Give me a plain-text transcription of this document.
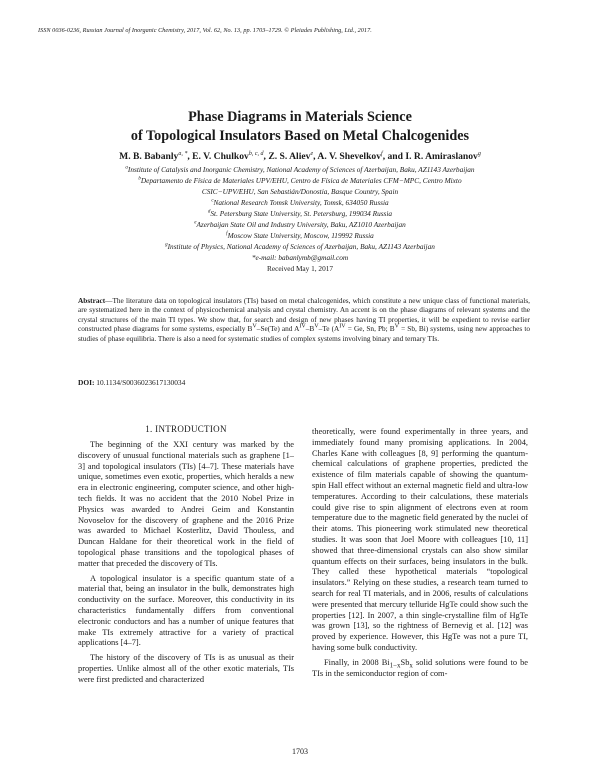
ISSN 0036-0236, Russian Journal of Inorganic Chemistry, 2017, Vol. 62, No. 13, pp. 1703–1729. © Pleiades Publishing, Ltd., 2017.
Phase Diagrams in Materials Science
of Topological Insulators Based on Metal Chalcogenides
M. B. Babanly$^{a, *}$, E. V. Chulkov$^{b, c, d}$, Z. S. Aliev$^e$, A. V. Shevelkov$^f$, and I. R. Amiraslanov$^g$
$^a$Institute of Catalysis and Inorganic Chemistry, National Academy of Sciences of Azerbaijan, Baku, AZ1143 Azerbaijan
$^b$Departamento de Física de Materiales UPV/EHU, Centro de Física de Materiales CFM−MPC, Centro Mixto
CSIC−UPV/EHU, San Sebastián/Donostia, Basque Country, Spain
$^c$National Research Tomsk University, Tomsk, 634050 Russia
$^d$St. Petersburg State University, St. Petersburg, 199034 Russia
$^e$Azerbaijan State Oil and Industry University, Baku, AZ1010 Azerbaijan
$^f$Moscow State University, Moscow, 119992 Russia
$^g$Institute of Physics, National Academy of Sciences of Azerbaijan, Baku, AZ1143 Azerbaijan
*e-mail: babanlymb@gmail.com
Received May 1, 2017
Abstract—The literature data on topological insulators (TIs) based on metal chalcogenides, which constitute a new unique class of functional materials, are systematized here in the context of physicochemical analysis and crystal chemistry. An accent is on the phase diagrams of relevant systems and the crystal structures of the main TI types. We show that, for search and design of new phases having TI properties, it will be expedient to revise earlier constructed phase diagrams for some systems, especially $B^V-Se(Te)$ and $A^{IV}-B^V-Te$ ($A^{IV} = Ge$, Sn, Pb; $B^V = Sb$, Bi) systems, using new approaches to studies of phase equilibria. There is also a need for systematic studies of complex systems involving binary and ternary TIs.
DOI: 10.1134/S0036023617130034
1. INTRODUCTION

The beginning of the XXI century was marked by the discovery of unusual functional materials such as graphene [1–3] and topological insulators (TIs) [4–7]. These materials have unique, sometimes even exotic, properties, which heralds a new era in electronic engineering, computer science, and other high-tech fields. It was no accident that the 2010 Nobel Prize in Physics was awarded to Andrei Geim and Konstantin Novoselov for the discovery of graphene and the 2016 Prize was awarded to Michael Kosterlitz, David Thouless, and Duncan Haldane for their theoretical work in the field of topological phase transitions and the topological phases of matter that preceded the discovery of TIs.

A topological insulator is a specific quantum state of a material that, being an insulator in the bulk, demonstrates high conductivity on the surface. Moreover, this conductivity in its characteristics fundamentally differs from conventional electronic conductors and has a number of unique features that make TIs extremely attractive for a variety of practical applications [4–7].

The history of the discovery of TIs is as unusual as their properties. Unlike almost all of the other exotic materials, TIs were first predicted and characterized

theoretically, were found experimentally in three years, and immediately found many promising applications. In 2004, Charles Kane with colleagues [8, 9] performing the quantum-chemical calculations of graphene properties, predicted the existence of film materials capable of showing the quantum-spin Hall effect without an external magnetic field and ultra-low temperatures. According to their calculations, these materials could give rise to spin alignment of electrons even at room temperature due to the magnetic field generated by the nuclei of their atoms. This pioneering work stimulated new theoretical studies. It was soon that Joel Moore with colleagues [10, 11] showed that three-dimensional crystals can also show similar quantum effects on their surfaces, being insulators in the bulk. They called these hypothetical materials “topological insulators.” Relying on these studies, a research team turned to search for real TI materials, and in 2006, results of calculations were presented that mercury telluride HgTe could show such the properties [12]. In 2007, a thin single-crystalline film of HgTe was grown [13], so the rightness of Bernevig et al. [12] was proved by experience. However, this HgTe was not a pure TI, having some bulk conductivity.

Finally, in 2008 $Bi_{1-x}Sb_x$ solid solutions were found to be TIs in the semiconductor region of com-

1703
